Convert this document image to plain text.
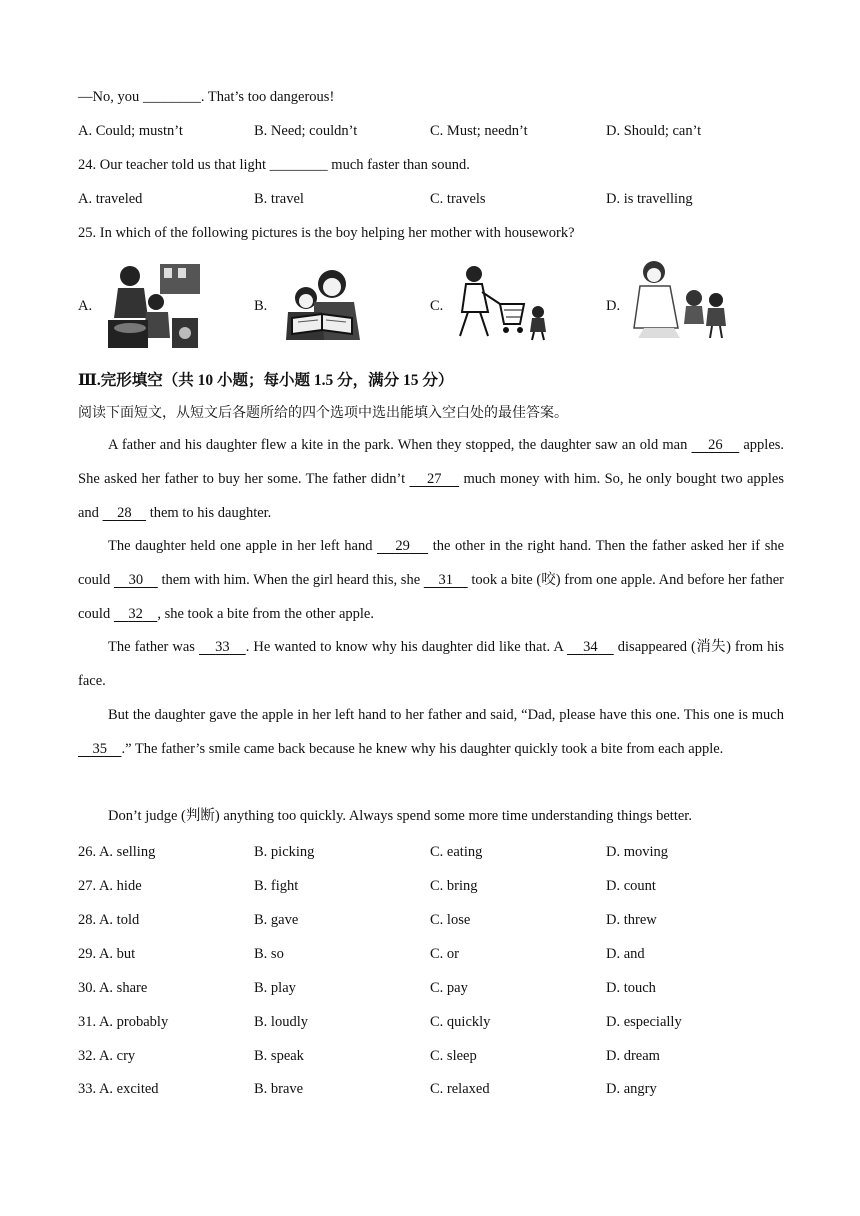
—No, you ________. That’s too dangerous!
A. Could; mustn’t	B. Need; couldn’t	C. Must; needn’t	D. Should; can’t
24. Our teacher told us that light ________ much faster than sound.
A. traveled	B. travel	C. travels	D. is travelling
25. In which of the following pictures is the boy helping her mother with housework?
A.	B.	C.	D.
Ⅲ.完形填空（共 10 小题；每小题 1.5 分，满分 15 分）
阅读下面短文，从短文后各题所给的四个选项中选出能填入空白处的最佳答案。
A father and his daughter flew a kite in the park. When they stopped, the daughter saw an old man     26     apples. She asked her father to buy her some. The father didn’t     27     much money with him. So, he only bought two apples and     28     them to his daughter.
The daughter held one apple in her left hand     29     the other in the right hand. Then the father asked her if she could     30     them with him. When the girl heard this, she     31     took a bite (咬) from one apple. And before her father could     32 , she took a bite from the other apple.
The father was     33 . He wanted to know why his daughter did like that. A     34     disappeared (消失) from his face.
But the daughter gave the apple in her left hand to her father and said, “Dad, please have this one. This one is much     35 .” The father’s smile came back because he knew why his daughter quickly took a bite from each apple.
Don’t judge (判断) anything too quickly. Always spend some more time understanding things better.
26. A. selling	B. picking	C. eating	D. moving
27. A. hide	B. fight	C. bring	D. count
28. A. told	B. gave	C. lose	D. threw
29. A. but	B. so	C. or	D. and
30. A. share	B. play	C. pay	D. touch
31. A. probably	B. loudly	C. quickly	D. especially
32. A. cry	B. speak	C. sleep	D. dream
33. A. excited	B. brave	C. relaxed	D. angry
